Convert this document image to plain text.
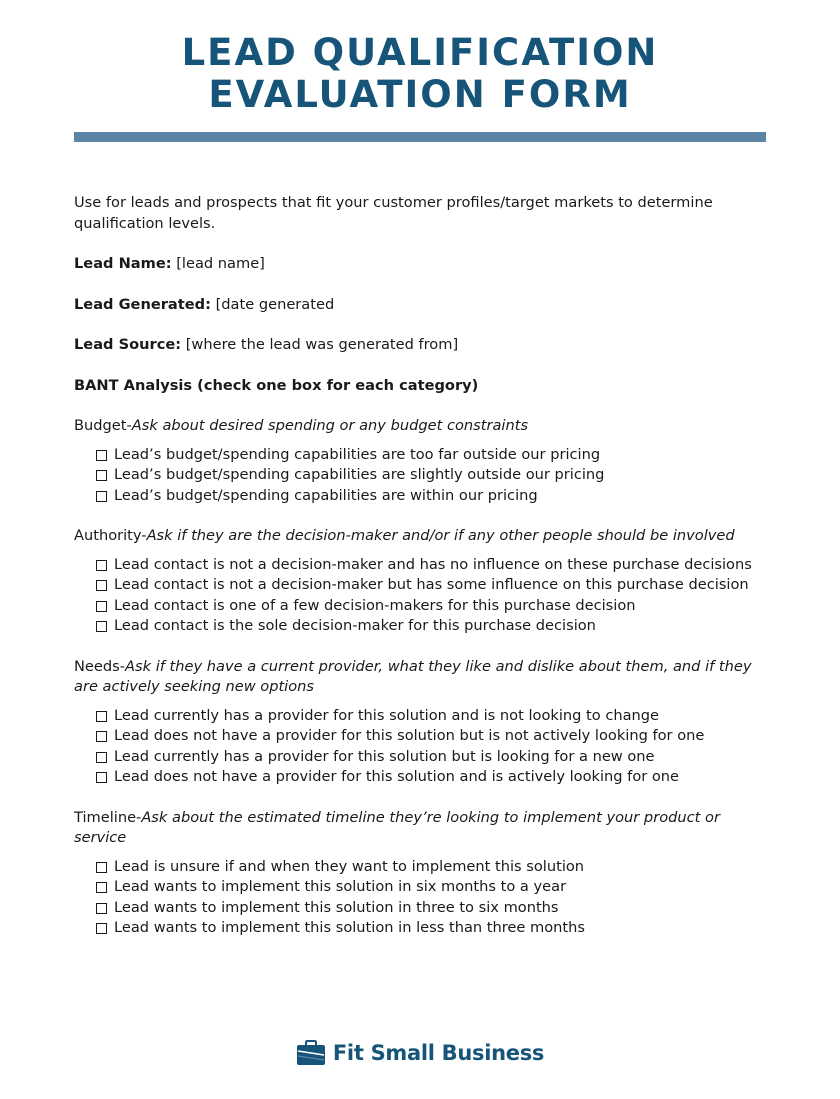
LEAD QUALIFICATION
EVALUATION FORM

Use for leads and prospects that fit your customer profiles/target markets to determine qualification levels.

Lead Name: [lead name]

Lead Generated: [date generated

Lead Source: [where the lead was generated from]

BANT Analysis (check one box for each category)

Budget-Ask about desired spending or any budget constraints

Lead’s budget/spending capabilities are too far outside our pricing
Lead’s budget/spending capabilities are slightly outside our pricing
Lead’s budget/spending capabilities are within our pricing

Authority-Ask if they are the decision-maker and/or if any other people should be involved

Lead contact is not a decision-maker and has no influence on these purchase decisions
Lead contact is not a decision-maker but has some influence on this purchase decision
Lead contact is one of a few decision-makers for this purchase decision
Lead contact is the sole decision-maker for this purchase decision

Needs-Ask if they have a current provider, what they like and dislike about them, and if they are actively seeking new options

Lead currently has a provider for this solution and is not looking to change
Lead does not have a provider for this solution but is not actively looking for one
Lead currently has a provider for this solution but is looking for a new one
Lead does not have a provider for this solution and is actively looking for one

Timeline-Ask about the estimated timeline they’re looking to implement your product or service

Lead is unsure if and when they want to implement this solution
Lead wants to implement this solution in six months to a year
Lead wants to implement this solution in three to six months
Lead wants to implement this solution in less than three months
Fit Small Business
